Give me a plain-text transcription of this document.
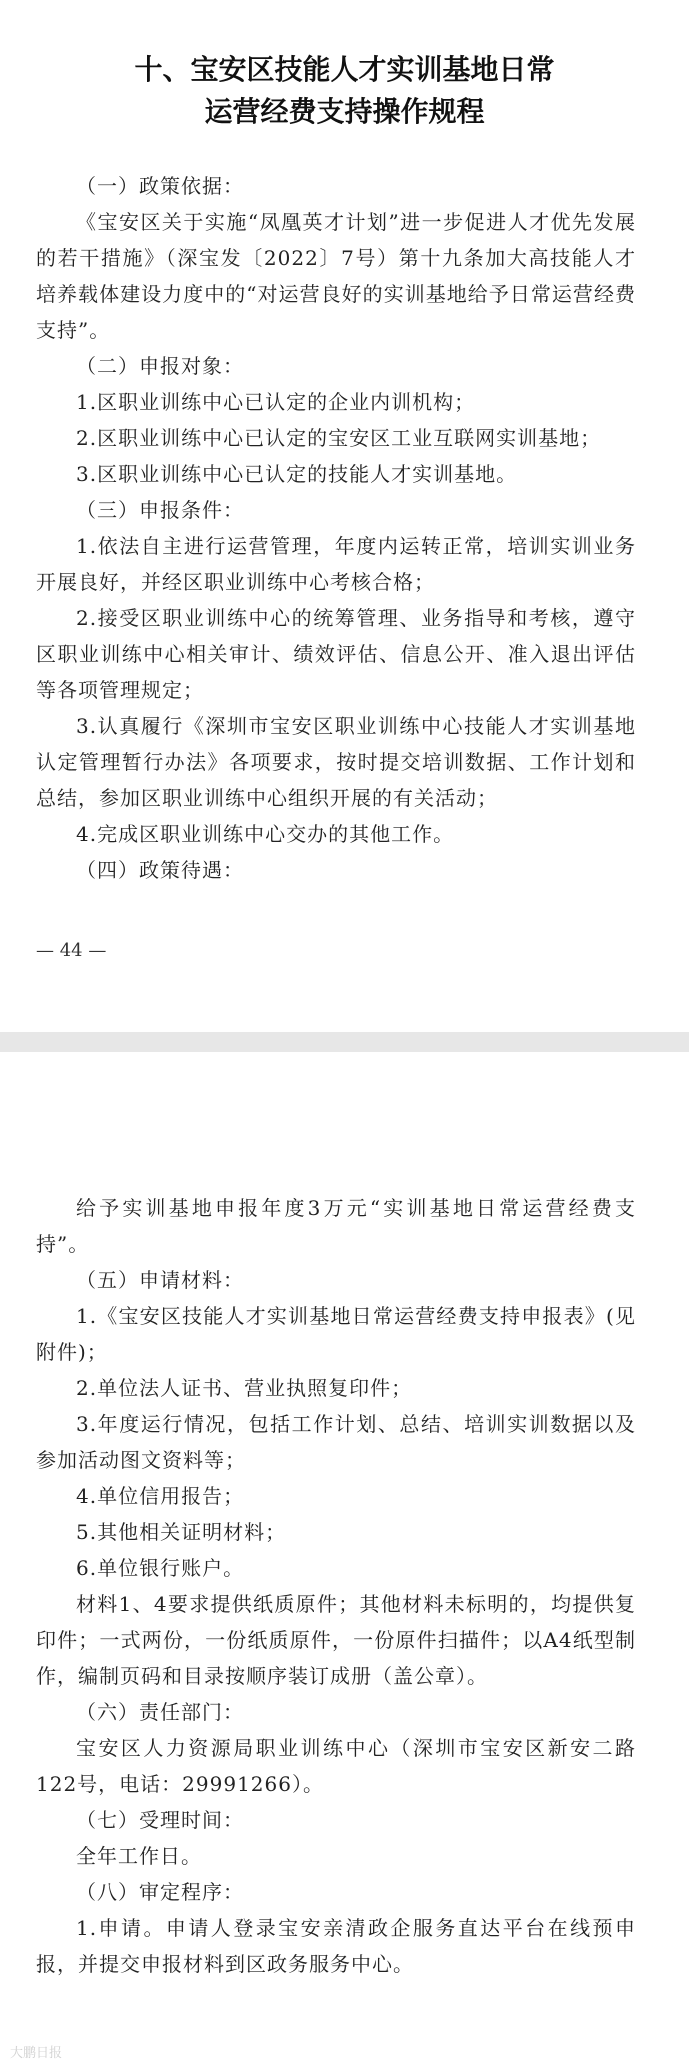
十、宝安区技能人才实训基地日常
运营经费支持操作规程

（一）政策依据：

《宝安区关于实施“凤凰英才计划”进一步促进人才优先发展的若干措施》（深宝发〔2022〕7号）第十九条加大高技能人才培养载体建设力度中的“对运营良好的实训基地给予日常运营经费支持”。

（二）申报对象：

1.区职业训练中心已认定的企业内训机构；

2.区职业训练中心已认定的宝安区工业互联网实训基地；

3.区职业训练中心已认定的技能人才实训基地。

（三）申报条件：

1.依法自主进行运营管理，年度内运转正常，培训实训业务开展良好，并经区职业训练中心考核合格；

2.接受区职业训练中心的统筹管理、业务指导和考核，遵守区职业训练中心相关审计、绩效评估、信息公开、准入退出评估等各项管理规定；

3.认真履行《深圳市宝安区职业训练中心技能人才实训基地认定管理暂行办法》各项要求，按时提交培训数据、工作计划和总结，参加区职业训练中心组织开展的有关活动；

4.完成区职业训练中心交办的其他工作。

（四）政策待遇：

— 44 —

给予实训基地申报年度3万元“实训基地日常运营经费支持”。

（五）申请材料：

1.《宝安区技能人才实训基地日常运营经费支持申报表》(见附件)；

2.单位法人证书、营业执照复印件；

3.年度运行情况，包括工作计划、总结、培训实训数据以及参加活动图文资料等；

4.单位信用报告；

5.其他相关证明材料；

6.单位银行账户。

材料1、4要求提供纸质原件；其他材料未标明的，均提供复印件；一式两份，一份纸质原件，一份原件扫描件；以A4纸型制作，编制页码和目录按顺序装订成册（盖公章）。

（六）责任部门：

宝安区人力资源局职业训练中心（深圳市宝安区新安二路122号，电话：29991266）。

（七）受理时间：

全年工作日。

（八）审定程序：

1.申请。申请人登录宝安亲清政企服务直达平台在线预申报，并提交申报材料到区政务服务中心。

大鹏日报
